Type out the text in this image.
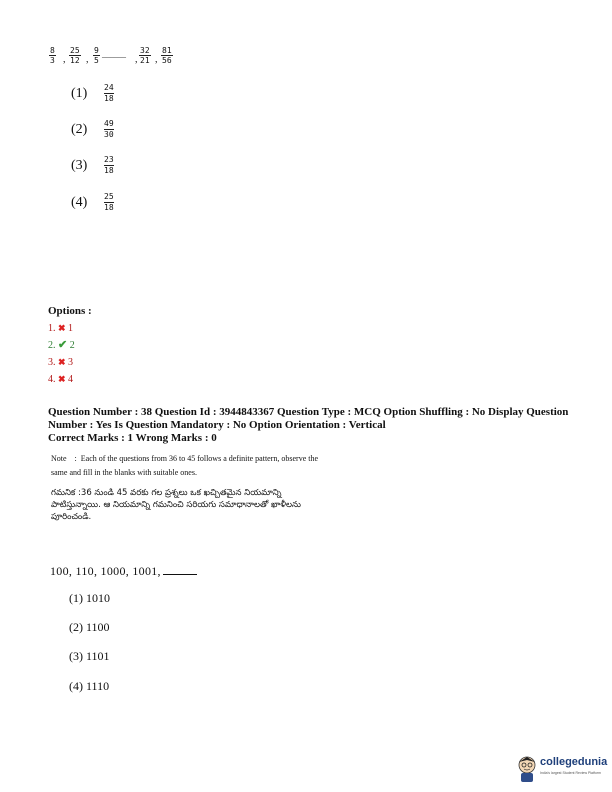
$\frac{8}{3}$ , $\frac{25}{12}$ , $\frac{9}{5}$ ______ , $\frac{32}{21}$ , $\frac{81}{56}$
$(1) \frac{24}{18}$
$(2) \frac{49}{30}$
$(3) \frac{23}{18}$
$(4) \frac{25}{18}$
Options :
1. ✖ 1
2. ✔ 2
3. ✖ 3
4. ✖ 4
Question Number : 38 Question Id : 3944843367 Question Type : MCQ Option Shuffling : No Display Question
Number : Yes Is Question Mandatory : No Option Orientation : Vertical
Correct Marks : 1 Wrong Marks : 0
Note    :  Each of the questions from 36 to 45 follows a definite pattern, observe the
same and fill in the blanks with suitable ones.
గమనిక :36 నుండి 45 వరకు గల ప్రశ్నలు ఒక ఖచ్చితమైన నియమాన్ని
పాటిస్తున్నాయి. ఆ నియమాన్ని గమనించి సరియగు సమాధానాలతో ఖాళీలను
పూరించండి.
100, 110, 1000, 1001,
(1) 1010
(2) 1100
(3) 1101
(4) 1110
collegedunia
India's largest Student Review Platform
